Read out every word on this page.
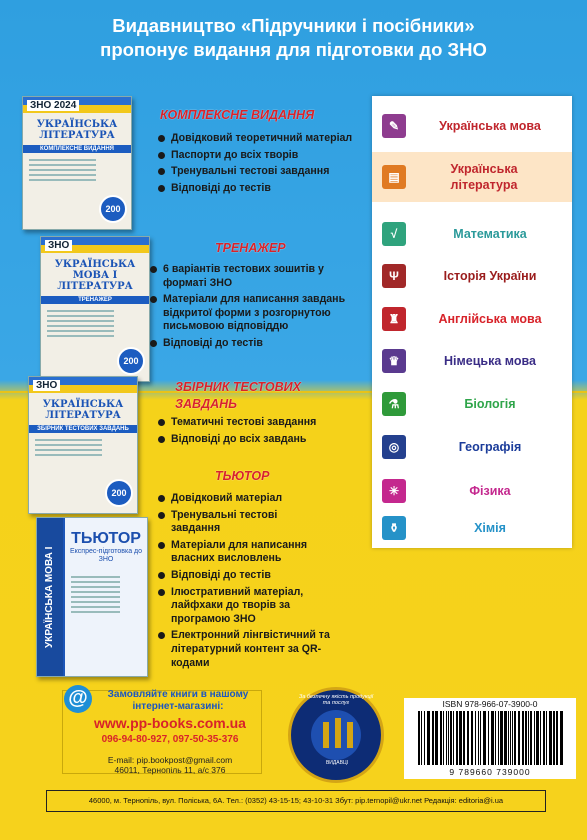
Видавництво «Підручники і посібники»
пропонує видання для підготовки до ЗНО
ЗНО 2024
УКРАЇНСЬКА ЛІТЕРАТУРА
КОМПЛЕКСНЕ ВИДАННЯ
200
ЗНО
УКРАЇНСЬКА МОВА І ЛІТЕРАТУРА
ТРЕНАЖЕР
200
ЗНО
УКРАЇНСЬКА ЛІТЕРАТУРА
ЗБІРНИК ТЕСТОВИХ ЗАВДАНЬ
200
УКРАЇНСЬКА МОВА І
ТЬЮТОР
Експрес-підготовка до ЗНО
КОМПЛЕКСНЕ ВИДАННЯ
Довідковий теоретичний матеріал
Паспорти до всіх творів
Тренувальні тестові завдання
Відповіді до тестів
ТРЕНАЖЕР
6 варіантів тестових зошитів у форматі ЗНО
Матеріали для написання завдань відкритої форми з розгорнутою письмовою відповіддю
Відповіді до тестів
ЗБІРНИК ТЕСТОВИХ ЗАВДАНЬ
Тематичні тестові завдання
Відповіді до всіх завдань
ТЬЮТОР
Довідковий матеріал
Тренувальні тестові завдання
Матеріали для написання власних висловлень
Відповіді до тестів
Ілюстративний матеріал, лайфхаки до творів за програмою ЗНО
Електронний лінгвістичний та літературний контент за QR-кодами
✎	Українська мова
▤
Українська література
√	Математика
Ψ	Історія України
♜	Англійська мова
♛	Німецька мова
⚗	Біологія
◎	Географія
✳	Фізика
⚱	Хімія
@	Замовляйте книги в нашому інтернет-магазині:
www.pp-books.com.ua
096-94-80-927, 097-50-35-376
E-mail: pip.bookpost@gmail.com
46011, Тернопіль 11, а/с 376
За безпечну якість продукції та послуг
ВИДАВЦІ
ISBN 978-966-07-3900-0
9 789660 739000
46000, м. Тернопіль, вул. Поліська, 6А. Тел.: (0352) 43-15-15; 43-10-31 Збут: pip.ternopil@ukr.net Редакція: editoria@i.ua
